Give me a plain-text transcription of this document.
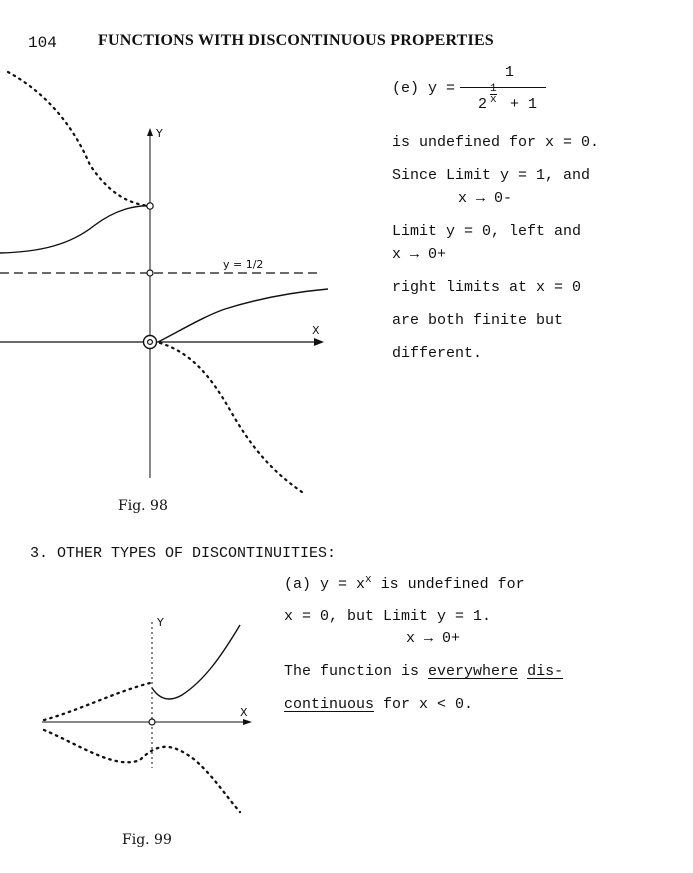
104	FUNCTIONS WITH DISCONTINUOUS PROPERTIES
Y
X
y = 1/2
Y
X
(e) y =
1
$2 \frac{1}{x} + 1$
is undefined for x = 0.
Since Limit y = 1, and
x → 0-
Limit y = 0, left and
x → 0+
right limits at x = 0
are both finite but
different.
Fig. 98
3. OTHER TYPES OF DISCONTINUITIES:
(a) $y = x^x$ is undefined for
x = 0, but Limit y = 1.
x → 0+
The function is everywhere dis-
continuous for x < 0.
Fig. 99
